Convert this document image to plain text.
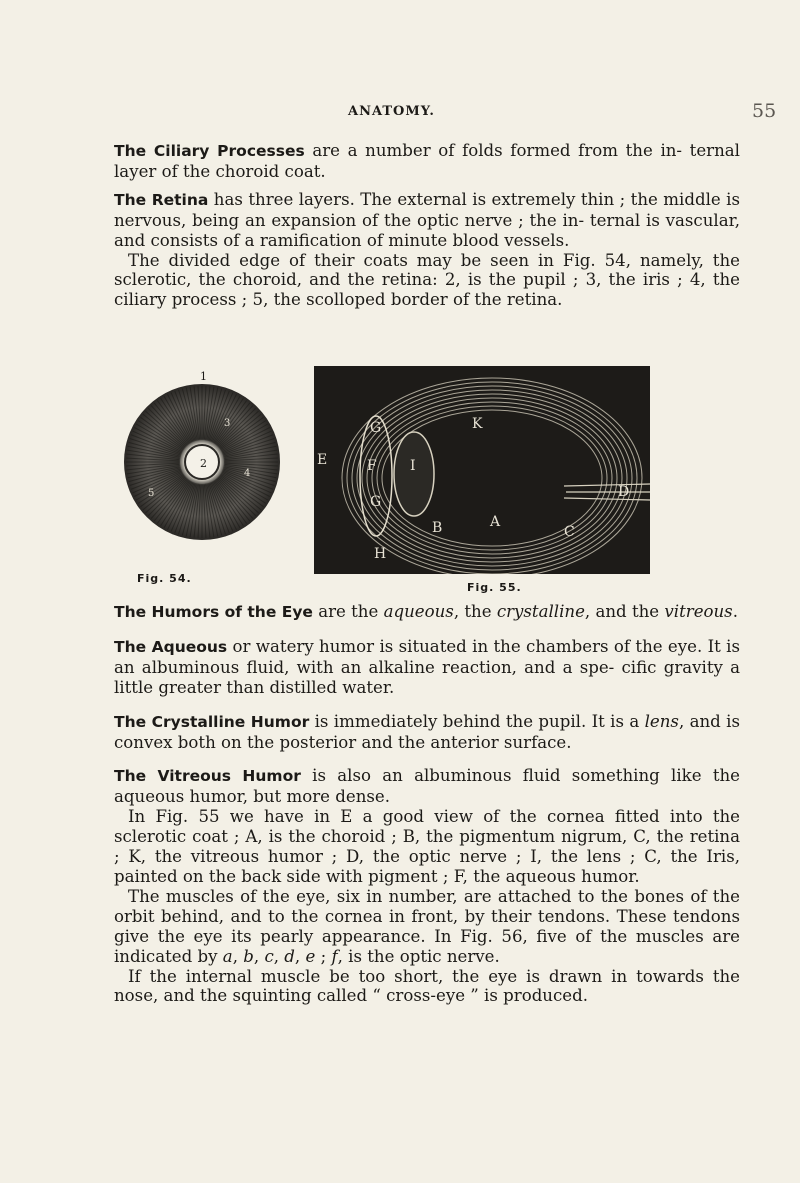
ANATOMY.	55

The Ciliary Processes are a number of folds formed from the in- ternal layer of the choroid coat.

The Retina has three layers. The external is extremely thin ; the middle is nervous, being an expansion of the optic nerve ; the in- ternal is vascular, and consists of a ramification of minute blood vessels.

The divided edge of their coats may be seen in Fig. 54, namely, the sclerotic, the choroid, and the retina: 2, is the pupil ; 3, the iris ; 4, the ciliary process ; 5, the scolloped border of the retina.

2
1
3
4
5
G
E	F I
K
G
B	A
D
C
H
Fig. 54.
Fig. 55.

The Humors of the Eye are the aqueous, the crystalline, and the vitreous.

The Aqueous or watery humor is situated in the chambers of the eye. It is an albuminous fluid, with an alkaline reaction, and a spe- cific gravity a little greater than distilled water.

The Crystalline Humor is immediately behind the pupil. It is a lens, and is convex both on the posterior and the anterior surface.

The Vitreous Humor is also an albuminous fluid something like the aqueous humor, but more dense.

In Fig. 55 we have in E a good view of the cornea fitted into the sclerotic coat ; A, is the choroid ; B, the pigmentum nigrum, C, the retina ; K, the vitreous humor ; D, the optic nerve ; I, the lens ; C, the Iris, painted on the back side with pigment ; F, the aqueous humor.

The muscles of the eye, six in number, are attached to the bones of the orbit behind, and to the cornea in front, by their tendons. These tendons give the eye its pearly appearance. In Fig. 56, five of the muscles are indicated by a, b, c, d, e ; f, is the optic nerve.

If the internal muscle be too short, the eye is drawn in towards the nose, and the squinting called “ cross-eye ” is produced.
